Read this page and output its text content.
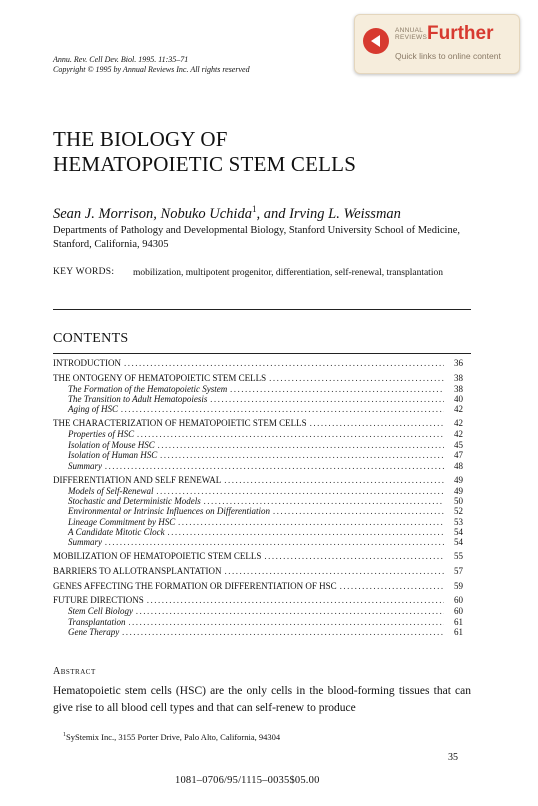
ANNUAL
REVIEWS Further
Quick links to online content
Annu. Rev. Cell Dev. Biol. 1995. 11:35–71
Copyright © 1995 by Annual Reviews Inc. All rights reserved
THE BIOLOGY OF
HEMATOPOIETIC STEM CELLS
Sean J. Morrison, Nobuko Uchida$^1$, and Irving L. Weissman
Departments of Pathology and Developmental Biology, Stanford University School of Medicine, Stanford, California, 94305
KEY WORDS: mobilization, multipotent progenitor, differentiation, self-renewal, transplantation
CONTENTS
INTRODUCTION .....	36
THE ONTOGENY OF HEMATOPOIETIC STEM CELLS .....	38
The Formation of the Hematopoietic System .....	38
The Transition to Adult Hematopoiesis .....	40
Aging of HSC .....	42
THE CHARACTERIZATION OF HEMATOPOIETIC STEM CELLS .....	42
Properties of HSC .....	42
Isolation of Mouse HSC .....	45
Isolation of Human HSC .....	47
Summary .....	48
DIFFERENTIATION AND SELF RENEWAL .....	49
Models of Self-Renewal .....	49
Stochastic and Deterministic Models .....	50
Environmental or Intrinsic Influences on Differentiation .....	52
Lineage Commitment by HSC .....	53
A Candidate Mitotic Clock .....	54
Summary .....	54
MOBILIZATION OF HEMATOPOIETIC STEM CELLS .....	55
BARRIERS TO ALLOTRANSPLANTATION .....	57
GENES AFFECTING THE FORMATION OR DIFFERENTIATION OF HSC .....	59
FUTURE DIRECTIONS .....	60
Stem Cell Biology .....	60
Transplantation .....	61
Gene Therapy .....	61
Abstract
Hematopoietic stem cells (HSC) are the only cells in the blood-forming tissues that can give rise to all blood cell types and that can self-renew to produce
$^1$SyStemix Inc., 3155 Porter Drive, Palo Alto, California, 94304
35
1081–0706/95/1115–0035$05.00
